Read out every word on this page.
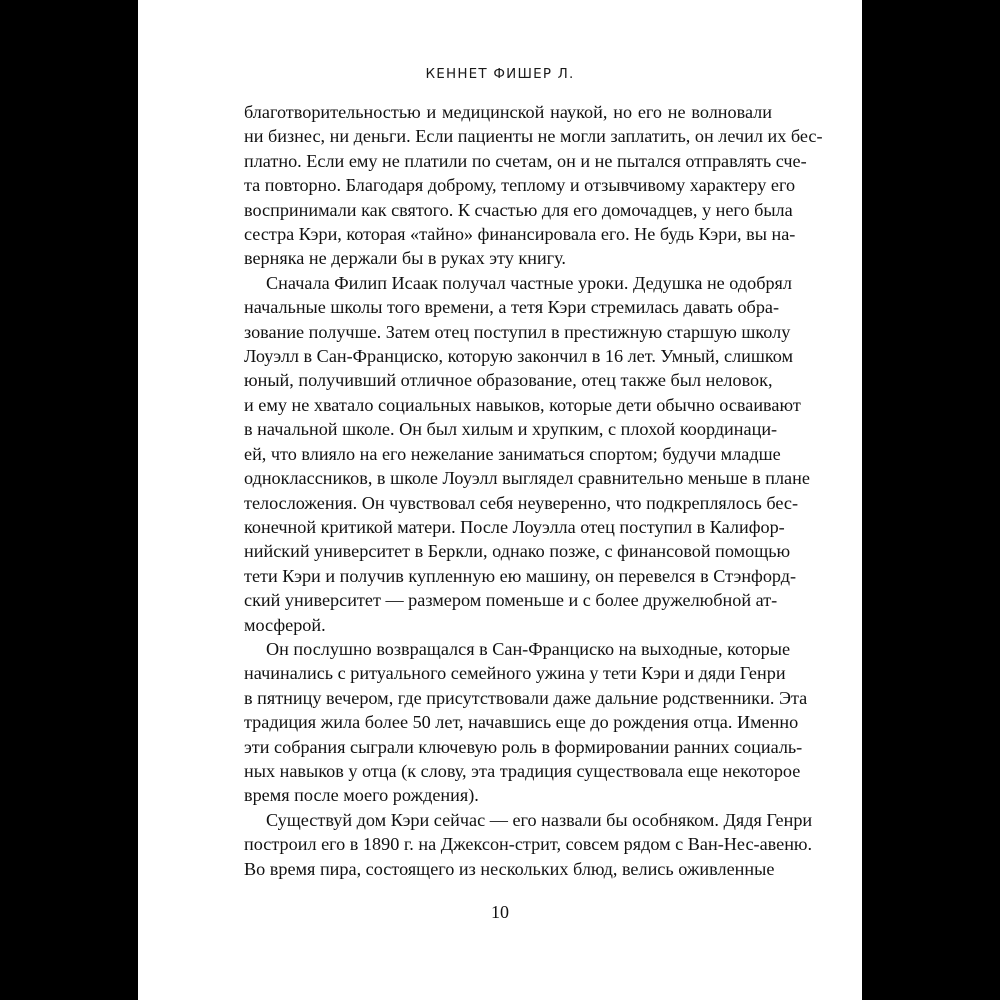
КЕННЕТ ФИШЕР Л.
благотворительностью и медицинской наукой, но его не волновали
ни бизнес, ни деньги. Если пациенты не могли заплатить, он лечил их бес-
платно. Если ему не платили по счетам, он и не пытался отправлять сче-
та повторно. Благодаря доброму, теплому и отзывчивому характеру его
воспринимали как святого. К счастью для его домочадцев, у него была
сестра Кэри, которая «тайно» финансировала его. Не будь Кэри, вы на-
верняка не держали бы в руках эту книгу.
Сначала Филип Исаак получал частные уроки. Дедушка не одобрял
начальные школы того времени, а тетя Кэри стремилась давать обра-
зование получше. Затем отец поступил в престижную старшую школу
Лоуэлл в Сан-Франциско, которую закончил в 16 лет. Умный, слишком
юный, получивший отличное образование, отец также был неловок,
и ему не хватало социальных навыков, которые дети обычно осваивают
в начальной школе. Он был хилым и хрупким, с плохой координаци-
ей, что влияло на его нежелание заниматься спортом; будучи младше
одноклассников, в школе Лоуэлл выглядел сравнительно меньше в плане
телосложения. Он чувствовал себя неуверенно, что подкреплялось бес-
конечной критикой матери. После Лоуэлла отец поступил в Калифор-
нийский университет в Беркли, однако позже, с финансовой помощью
тети Кэри и получив купленную ею машину, он перевелся в Стэнфорд-
ский университет — размером поменьше и с более дружелюбной ат-
мосферой.
Он послушно возвращался в Сан-Франциско на выходные, которые
начинались с ритуального семейного ужина у тети Кэри и дяди Генри
в пятницу вечером, где присутствовали даже дальние родственники. Эта
традиция жила более 50 лет, начавшись еще до рождения отца. Именно
эти собрания сыграли ключевую роль в формировании ранних социаль-
ных навыков у отца (к слову, эта традиция существовала еще некоторое
время после моего рождения).
Существуй дом Кэри сейчас — его назвали бы особняком. Дядя Генри
построил его в 1890 г. на Джексон-стрит, совсем рядом с Ван-Нес-авеню.
Во время пира, состоящего из нескольких блюд, велись оживленные
10
